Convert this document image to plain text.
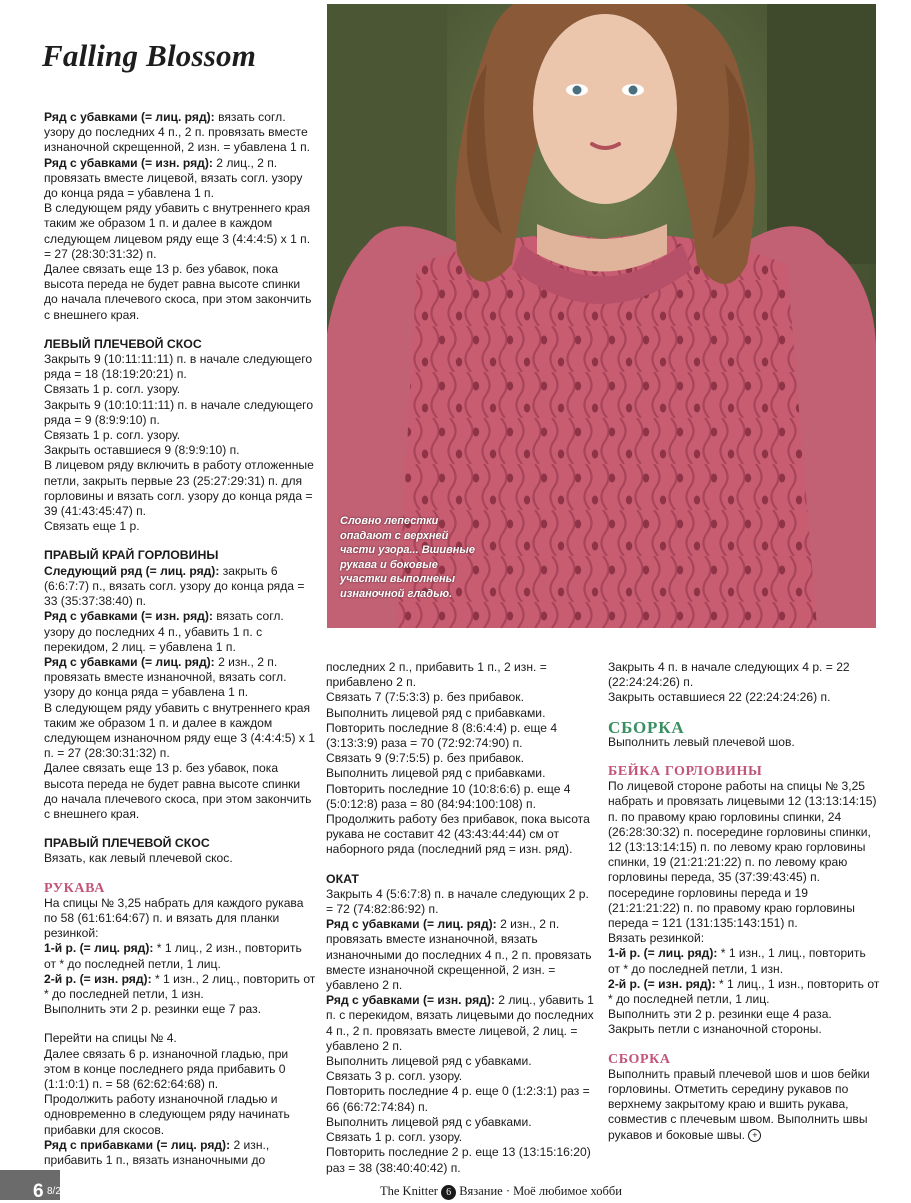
Falling Blossom

Ряд с убавками (= лиц. ряд): вязать согл. узору до последних 4 п., 2 п. провязать вместе изнаночной скрещенной, 2 изн. = убавлена 1 п.

Ряд с убавками (= изн. ряд): 2 лиц., 2 п. провязать вместе лицевой, вязать согл. узору до конца ряда = убавлена 1 п.

В следующем ряду убавить с внутреннего края таким же образом 1 п. и далее в каждом следующем лицевом ряду еще 3 (4:4:4:5) х 1 п. = 27 (28:30:31:32) п.

Далее связать еще 13 р. без убавок, пока высота переда не будет равна высоте спинки до начала плечевого скоса, при этом закончить с внешнего края.

ЛЕВЫЙ ПЛЕЧЕВОЙ СКОС

Закрыть 9 (10:11:11:11) п. в начале следующего ряда = 18 (18:19:20:21) п.

Связать 1 р. согл. узору.

Закрыть 9 (10:10:11:11) п. в начале следующего ряда = 9 (8:9:9:10) п.

Связать 1 р. согл. узору.

Закрыть оставшиеся 9 (8:9:9:10) п.

В лицевом ряду включить в работу отложенные петли, закрыть первые 23 (25:27:29:31) п. для горловины и вязать согл. узору до конца ряда = 39 (41:43:45:47) п.

Связать еще 1 р.

ПРАВЫЙ КРАЙ ГОРЛОВИНЫ

Следующий ряд (= лиц. ряд): закрыть 6 (6:6:7:7) п., вязать согл. узору до конца ряда = 33 (35:37:38:40) п.

Ряд с убавками (= изн. ряд): вязать согл. узору до последних 4 п., убавить 1 п. с перекидом, 2 лиц. = убавлена 1 п.

Ряд с убавками (= лиц. ряд): 2 изн., 2 п. провязать вместе изнаночной, вязать согл. узору до конца ряда = убавлена 1 п.

В следующем ряду убавить с внутреннего края таким же образом 1 п. и далее в каждом следующем изнаночном ряду еще 3 (4:4:4:5) х 1 п. = 27 (28:30:31:32) п.

Далее связать еще 13 р. без убавок, пока высота переда не будет равна высоте спинки до начала плечевого скоса, при этом закончить с внешнего края.

ПРАВЫЙ ПЛЕЧЕВОЙ СКОС

Вязать, как левый плечевой скос.

РУКАВА

На спицы № 3,25 набрать для каждого рукава по 58 (61:61:64:67) п. и вязать для планки резинкой:

1-й р. (= лиц. ряд): * 1 лиц., 2 изн., повторить от * до последней петли, 1 лиц.

2-й р. (= изн. ряд): * 1 изн., 2 лиц., повторить от * до последней петли, 1 изн.

Выполнить эти 2 р. резинки еще 7 раз.

Перейти на спицы № 4.

Далее связать 6 р. изнаночной гладью, при этом в конце последнего ряда прибавить 0 (1:1:0:1) п. = 58 (62:62:64:68) п.

Продолжить работу изнаночной гладью и одновременно в следующем ряду начинать прибавки для скосов.

Ряд с прибавками (= лиц. ряд): 2 изн., прибавить 1 п., вязать изнаночными до

последних 2 п., прибавить 1 п., 2 изн. = прибавлено 2 п.

Связать 7 (7:5:3:3) р. без прибавок.

Выполнить лицевой ряд с прибавками.

Повторить последние 8 (8:6:4:4) р. еще 4 (3:13:3:9) раза = 70 (72:92:74:90) п.

Связать 9 (9:7:5:5) р. без прибавок.

Выполнить лицевой ряд с прибавками.

Повторить последние 10 (10:8:6:6) р. еще 4 (5:0:12:8) раза = 80 (84:94:100:108) п.

Продолжить работу без прибавок, пока высота рукава не составит 42 (43:43:44:44) см от наборного ряда (последний ряд = изн. ряд).

ОКАТ

Закрыть 4 (5:6:7:8) п. в начале следующих 2 р. = 72 (74:82:86:92) п.

Ряд с убавками (= лиц. ряд): 2 изн., 2 п. провязать вместе изнаночной, вязать изнаночными до последних 4 п., 2 п. провязать вместе изнаночной скрещенной, 2 изн. = убавлено 2 п.

Ряд с убавками (= изн. ряд): 2 лиц., убавить 1 п. с перекидом, вязать лицевыми до последних 4 п., 2 п. провязать вместе лицевой, 2 лиц. = убавлено 2 п.

Выполнить лицевой ряд с убавками.

Связать 3 р. согл. узору.

Повторить последние 4 р. еще 0 (1:2:3:1) раз = 66 (66:72:74:84) п.

Выполнить лицевой ряд с убавками.

Связать 1 р. согл. узору.

Повторить последние 2 р. еще 13 (13:15:16:20) раз = 38 (38:40:40:42) п.

Закрыть 4 п. в начале следующих 4 р. = 22 (22:24:24:26) п.

Закрыть оставшиеся 22 (22:24:24:26) п.

СБОРКА

Выполнить левый плечевой шов.

БЕЙКА ГОРЛОВИНЫ

По лицевой стороне работы на спицы № 3,25 набрать и провязать лицевыми 12 (13:13:14:15) п. по правому краю горловины спинки, 24 (26:28:30:32) п. посередине горловины спинки, 12 (13:13:14:15) п. по левому краю горловины спинки, 19 (21:21:21:22) п. по левому краю горловины переда, 35 (37:39:43:45) п. посередине горловины переда и 19 (21:21:21:22) п. по правому краю горловины переда = 121 (131:135:143:151) п.

Вязать резинкой:

1-й р. (= лиц. ряд): * 1 изн., 1 лиц., повторить от * до последней петли, 1 изн.

2-й р. (= изн. ряд): * 1 лиц., 1 изн., повторить от * до последней петли, 1 лиц.

Выполнить эти 2 р. резинки еще 4 раза.

Закрыть петли с изнаночной стороны.

СБОРКА

Выполнить правый плечевой шов и шов бейки горловины. Отметить середину рукавов по верхнему закрытому краю и вшить рукава, совместив с плечевым швом. Выполнить швы рукавов и боковые швы. +

Словно лепестки опадают с верхней части узора... Вшивные рукава и боковые участки выполнены изнаночной гладью.
6 8/2021	The Knitter 6 Вязание · Моё любимое хобби
